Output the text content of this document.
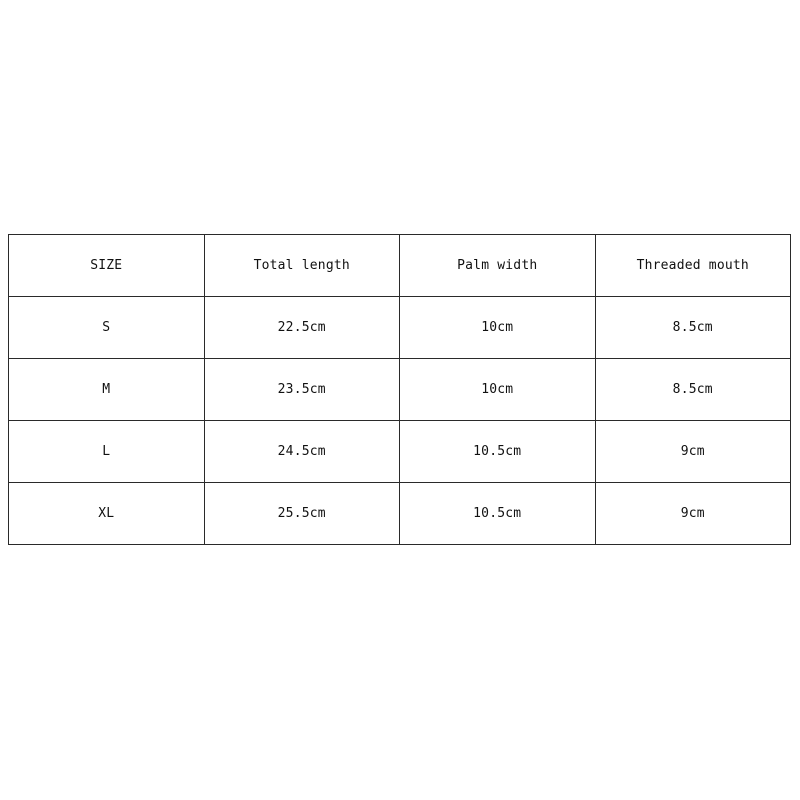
SIZE	Total length	Palm width	Threaded mouth
S	22.5cm	10cm	8.5cm
M	23.5cm	10cm	8.5cm
L	24.5cm	10.5cm	9cm
XL	25.5cm	10.5cm	9cm
